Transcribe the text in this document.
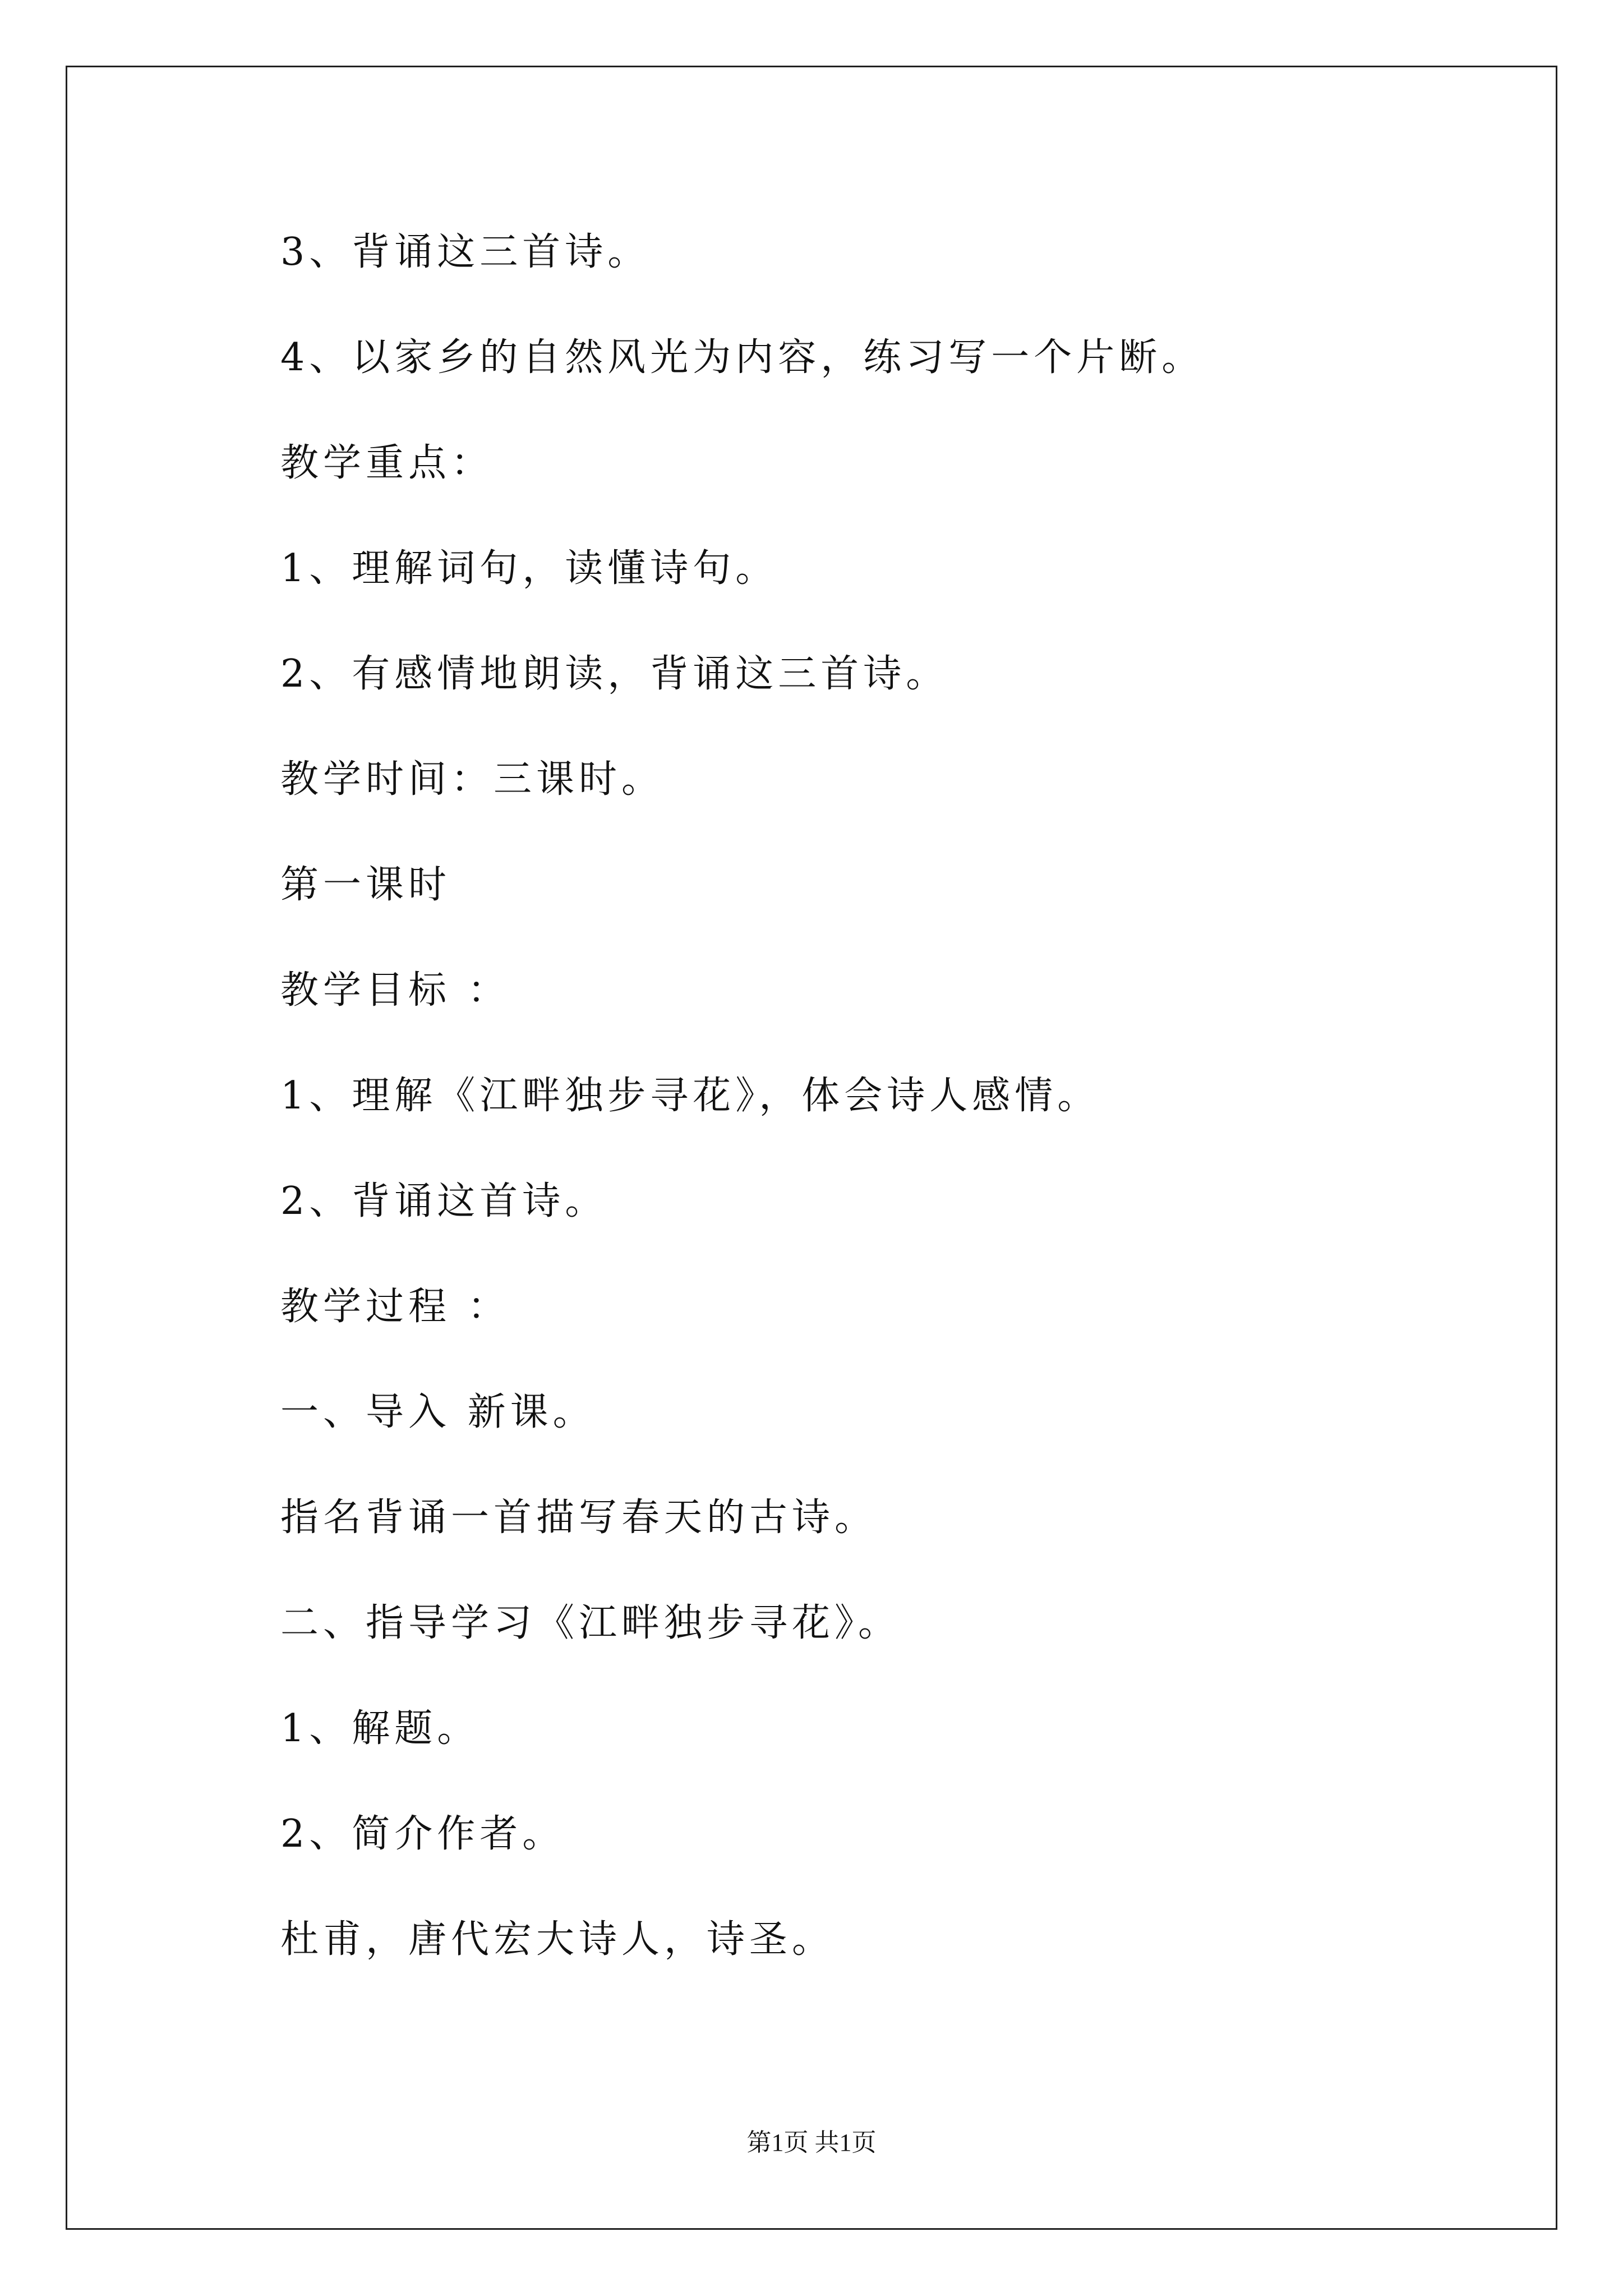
3、背诵这三首诗。
4、以家乡的自然风光为内容，练习写一个片断。
教学重点：
1、理解词句，读懂诗句。
2、有感情地朗读，背诵这三首诗。
教学时间：三课时。
第一课时
教学目标 ：
1、理解《江畔独步寻花》，体会诗人感情。
2、背诵这首诗。
教学过程 ：
一、导入 新课。
指名背诵一首描写春天的古诗。
二、指导学习《江畔独步寻花》。
1、解题。
2、简介作者。
杜甫，唐代宏大诗人，诗圣。
第1页 共1页
